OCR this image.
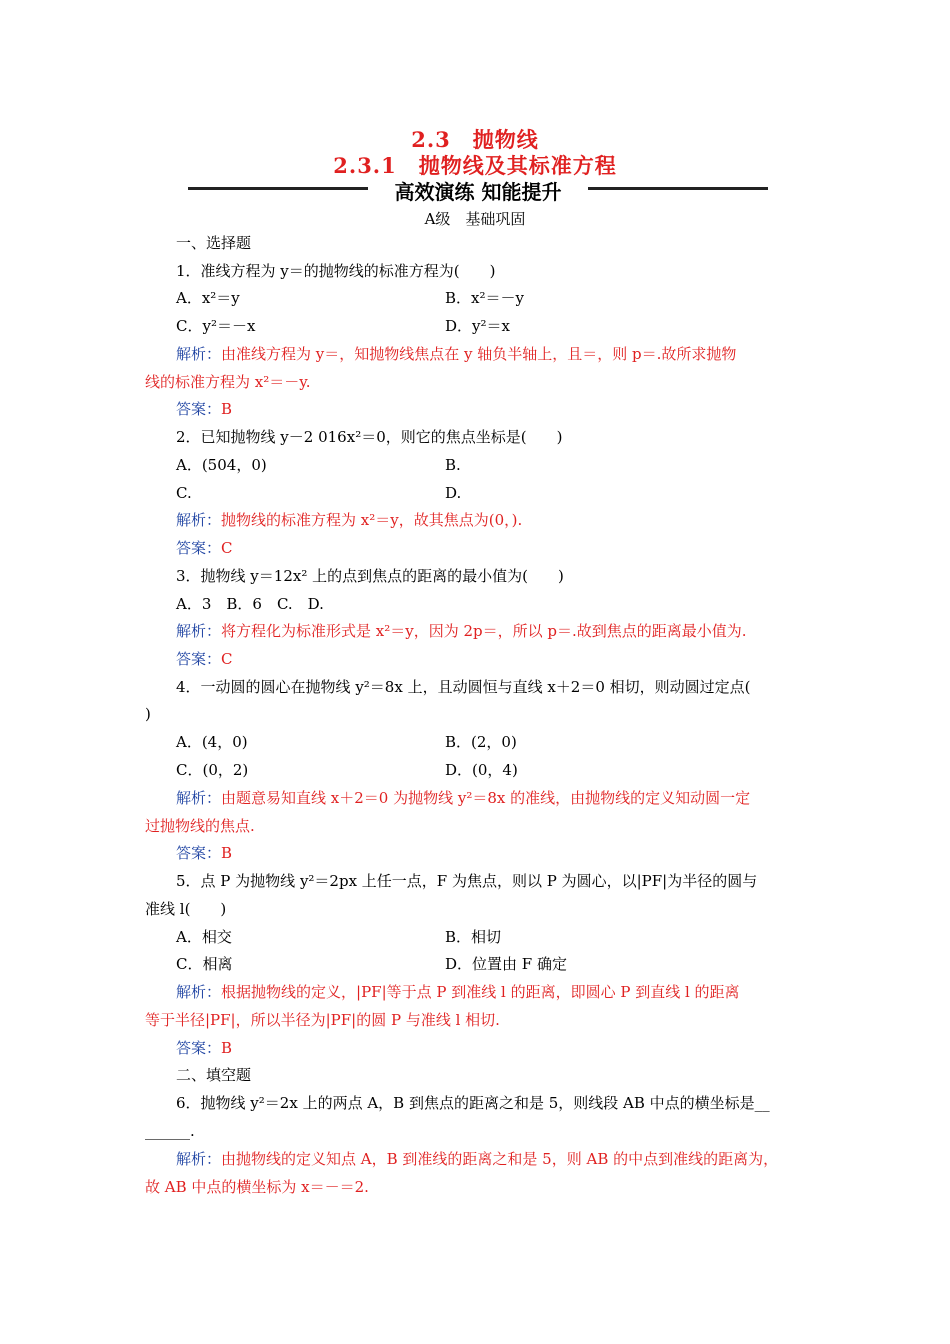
2.3　抛物线
2.3.1　抛物线及其标准方程
高效演练 知能提升
A级　基础巩固
一、选择题
1．准线方程为 y＝的抛物线的标准方程为(　　)
A．x²＝y	B．x²＝－y
C．y²＝－x	D．y²＝x
解析：由准线方程为 y＝，知抛物线焦点在 y 轴负半轴上，且＝，则 p＝.故所求抛物
线的标准方程为 x²＝－y.
答案：B
2．已知抛物线 y－2 016x²＝0，则它的焦点坐标是(　　)
A．(504，0)	B.
C.	D.
解析：抛物线的标准方程为 x²＝y，故其焦点为(0，).
答案：C
3．抛物线 y＝12x² 上的点到焦点的距离的最小值为(　　)
A．3　B．6　C.　D.
解析：将方程化为标准形式是 x²＝y，因为 2p＝，所以 p＝.故到焦点的距离最小值为.
答案：C
4．一动圆的圆心在抛物线 y²＝8x 上，且动圆恒与直线 x＋2＝0 相切，则动圆过定点(
)
A．(4，0)	B．(2，0)
C．(0，2)	D．(0，4)
解析：由题意易知直线 x＋2＝0 为抛物线 y²＝8x 的准线，由抛物线的定义知动圆一定
过抛物线的焦点.
答案：B
5．点 P 为抛物线 y²＝2px 上任一点，F 为焦点，则以 P 为圆心，以|PF|为半径的圆与
准线 l(　　)
A．相交	B．相切
C．相离	D．位置由 F 确定
解析：根据抛物线的定义，|PF|等于点 P 到准线 l 的距离，即圆心 P 到直线 l 的距离
等于半径|PF|，所以半径为|PF|的圆 P 与准线 l 相切.
答案：B
二、填空题
6．抛物线 y²＝2x 上的两点 A，B 到焦点的距离之和是 5，则线段 AB 中点的横坐标是__
______.
解析：由抛物线的定义知点 A，B 到准线的距离之和是 5，则 AB 的中点到准线的距离为，
故 AB 中点的横坐标为 x＝－＝2.
